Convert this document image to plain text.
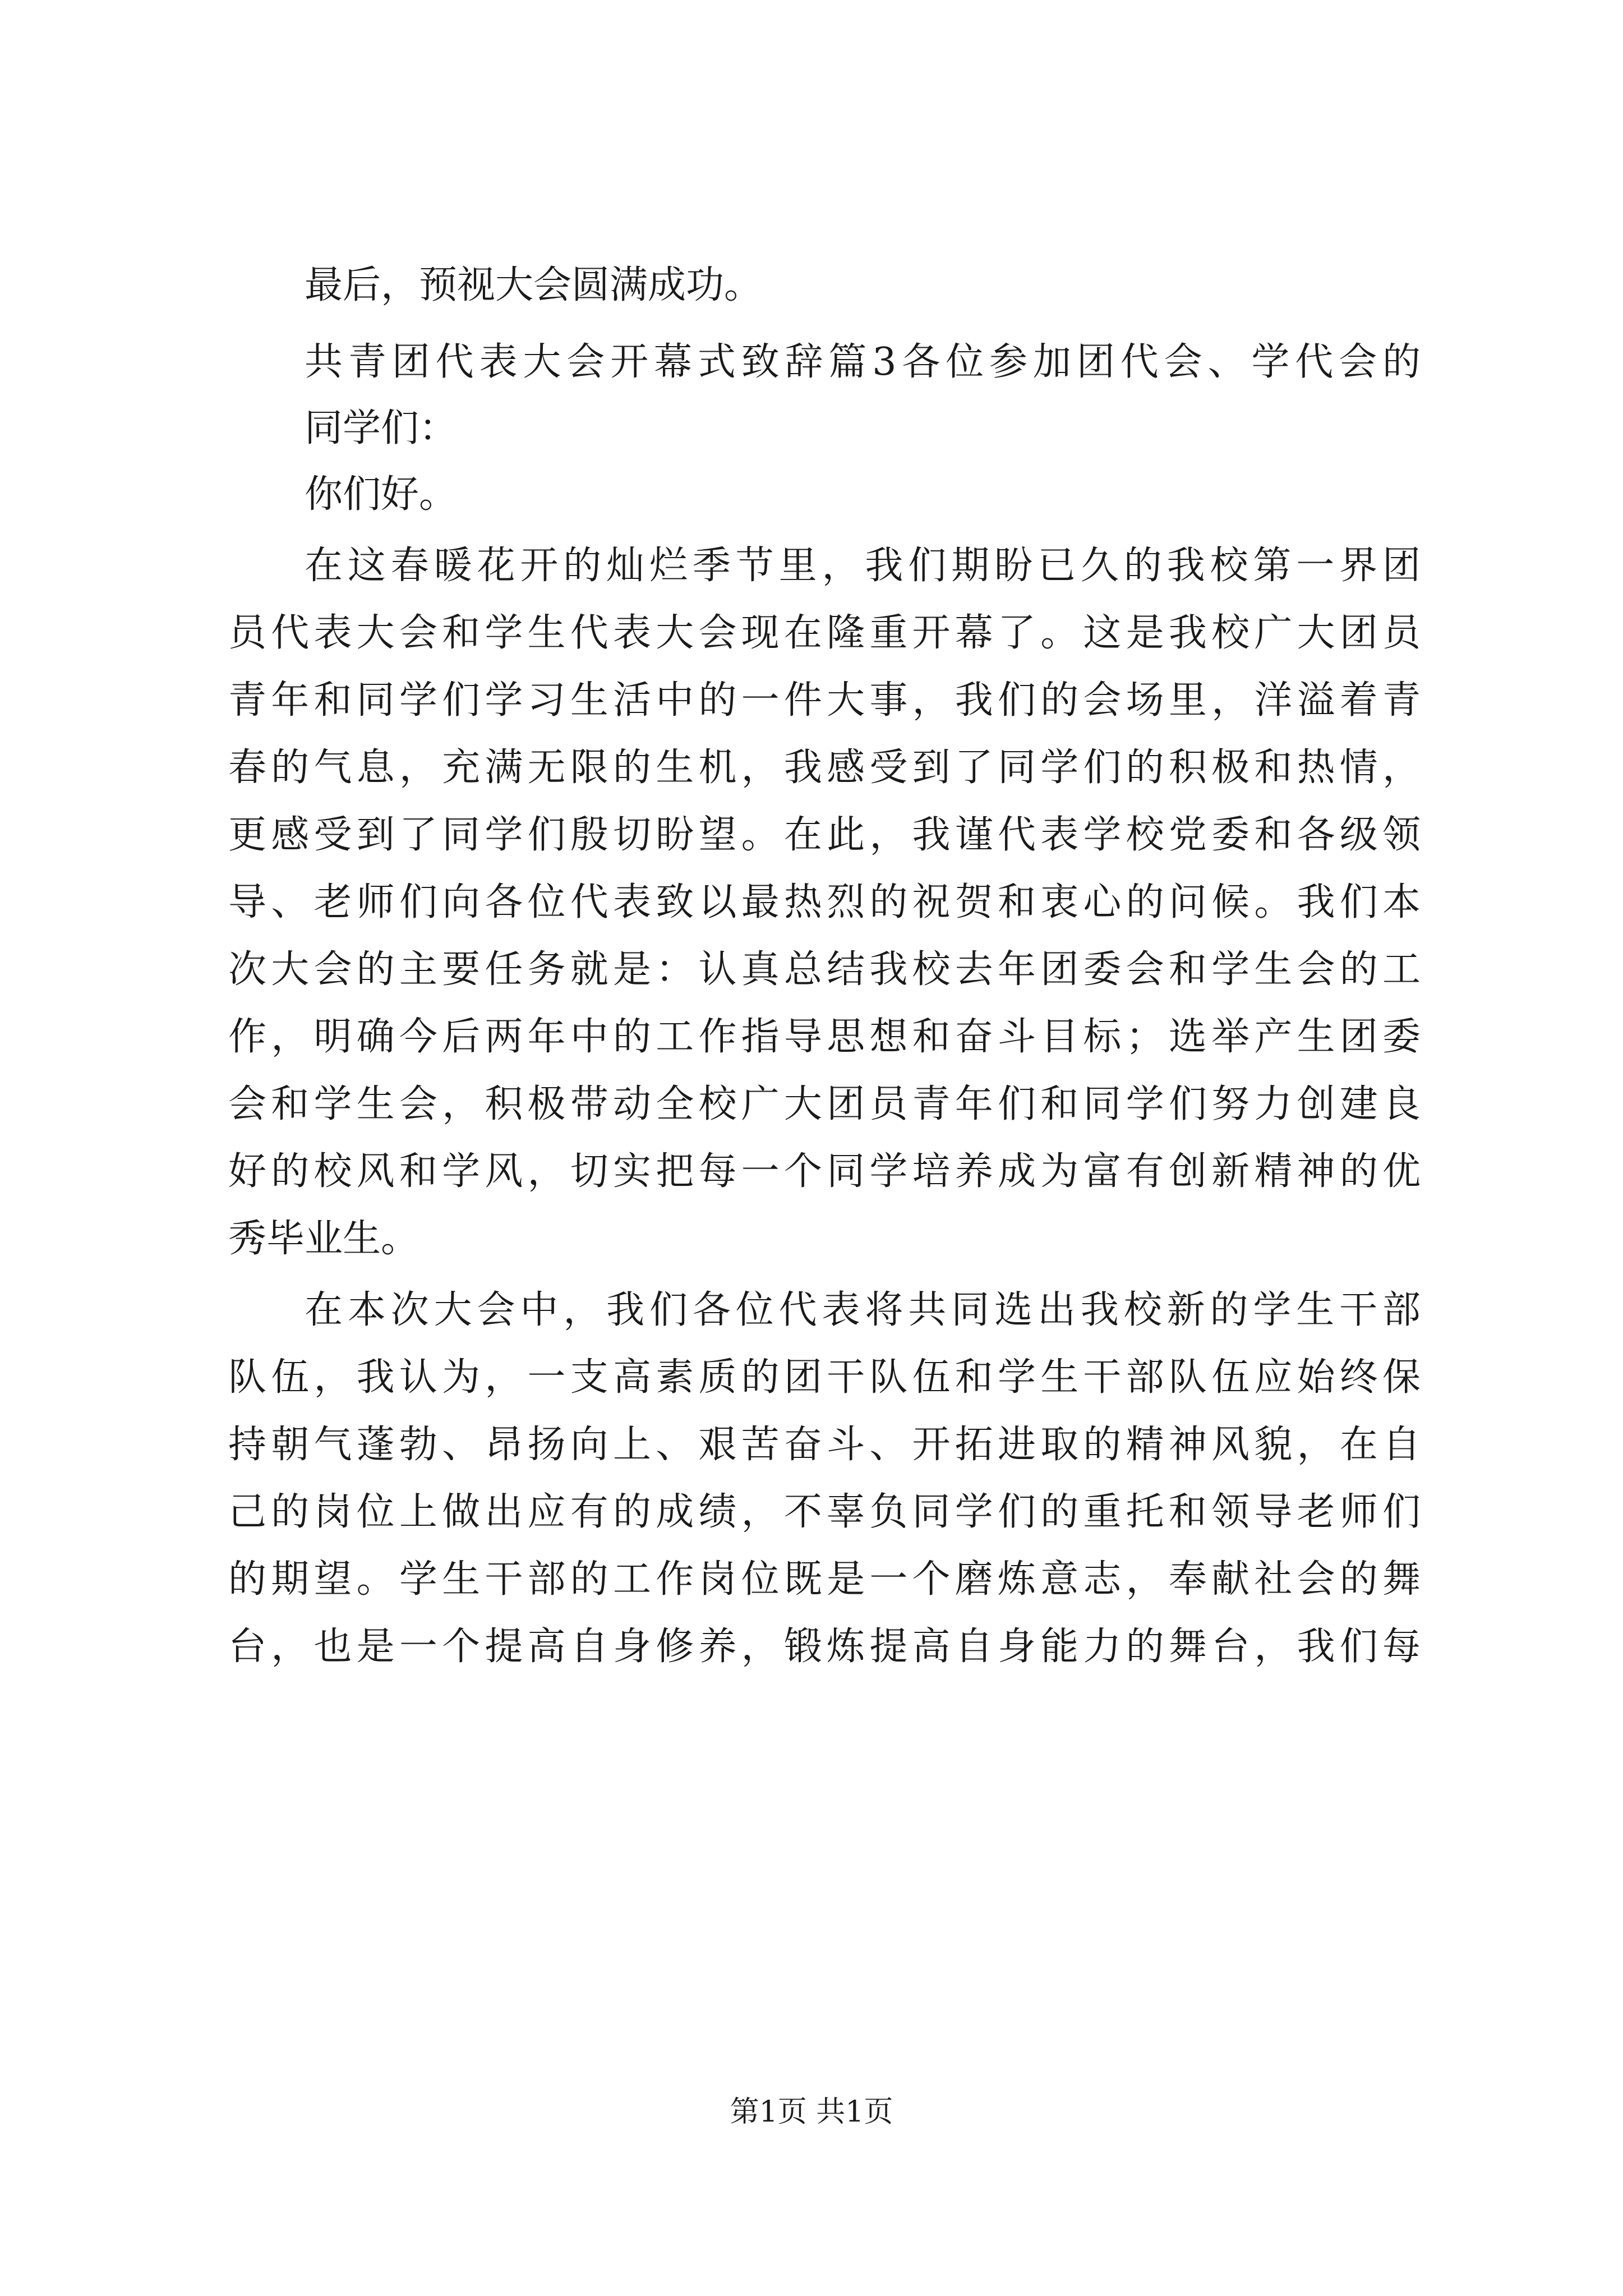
最后，预视大会圆满成功。
共青团代表大会开幕式致辞篇3各位参加团代会、学代会的
同学们：
你们好。
在这春暖花开的灿烂季节里，我们期盼已久的我校第一界团
员代表大会和学生代表大会现在隆重开幕了。这是我校广大团员
青年和同学们学习生活中的一件大事，我们的会场里，洋溢着青
春的气息，充满无限的生机，我感受到了同学们的积极和热情，
更感受到了同学们殷切盼望。在此，我谨代表学校党委和各级领
导、老师们向各位代表致以最热烈的祝贺和衷心的问候。我们本
次大会的主要任务就是：认真总结我校去年团委会和学生会的工
作，明确今后两年中的工作指导思想和奋斗目标；选举产生团委
会和学生会，积极带动全校广大团员青年们和同学们努力创建良
好的校风和学风，切实把每一个同学培养成为富有创新精神的优
秀毕业生。
在本次大会中，我们各位代表将共同选出我校新的学生干部
队伍，我认为，一支高素质的团干队伍和学生干部队伍应始终保
持朝气蓬勃、昂扬向上、艰苦奋斗、开拓进取的精神风貌，在自
己的岗位上做出应有的成绩，不辜负同学们的重托和领导老师们
的期望。学生干部的工作岗位既是一个磨炼意志，奉献社会的舞
台，也是一个提高自身修养，锻炼提高自身能力的舞台，我们每
第1页 共1页
